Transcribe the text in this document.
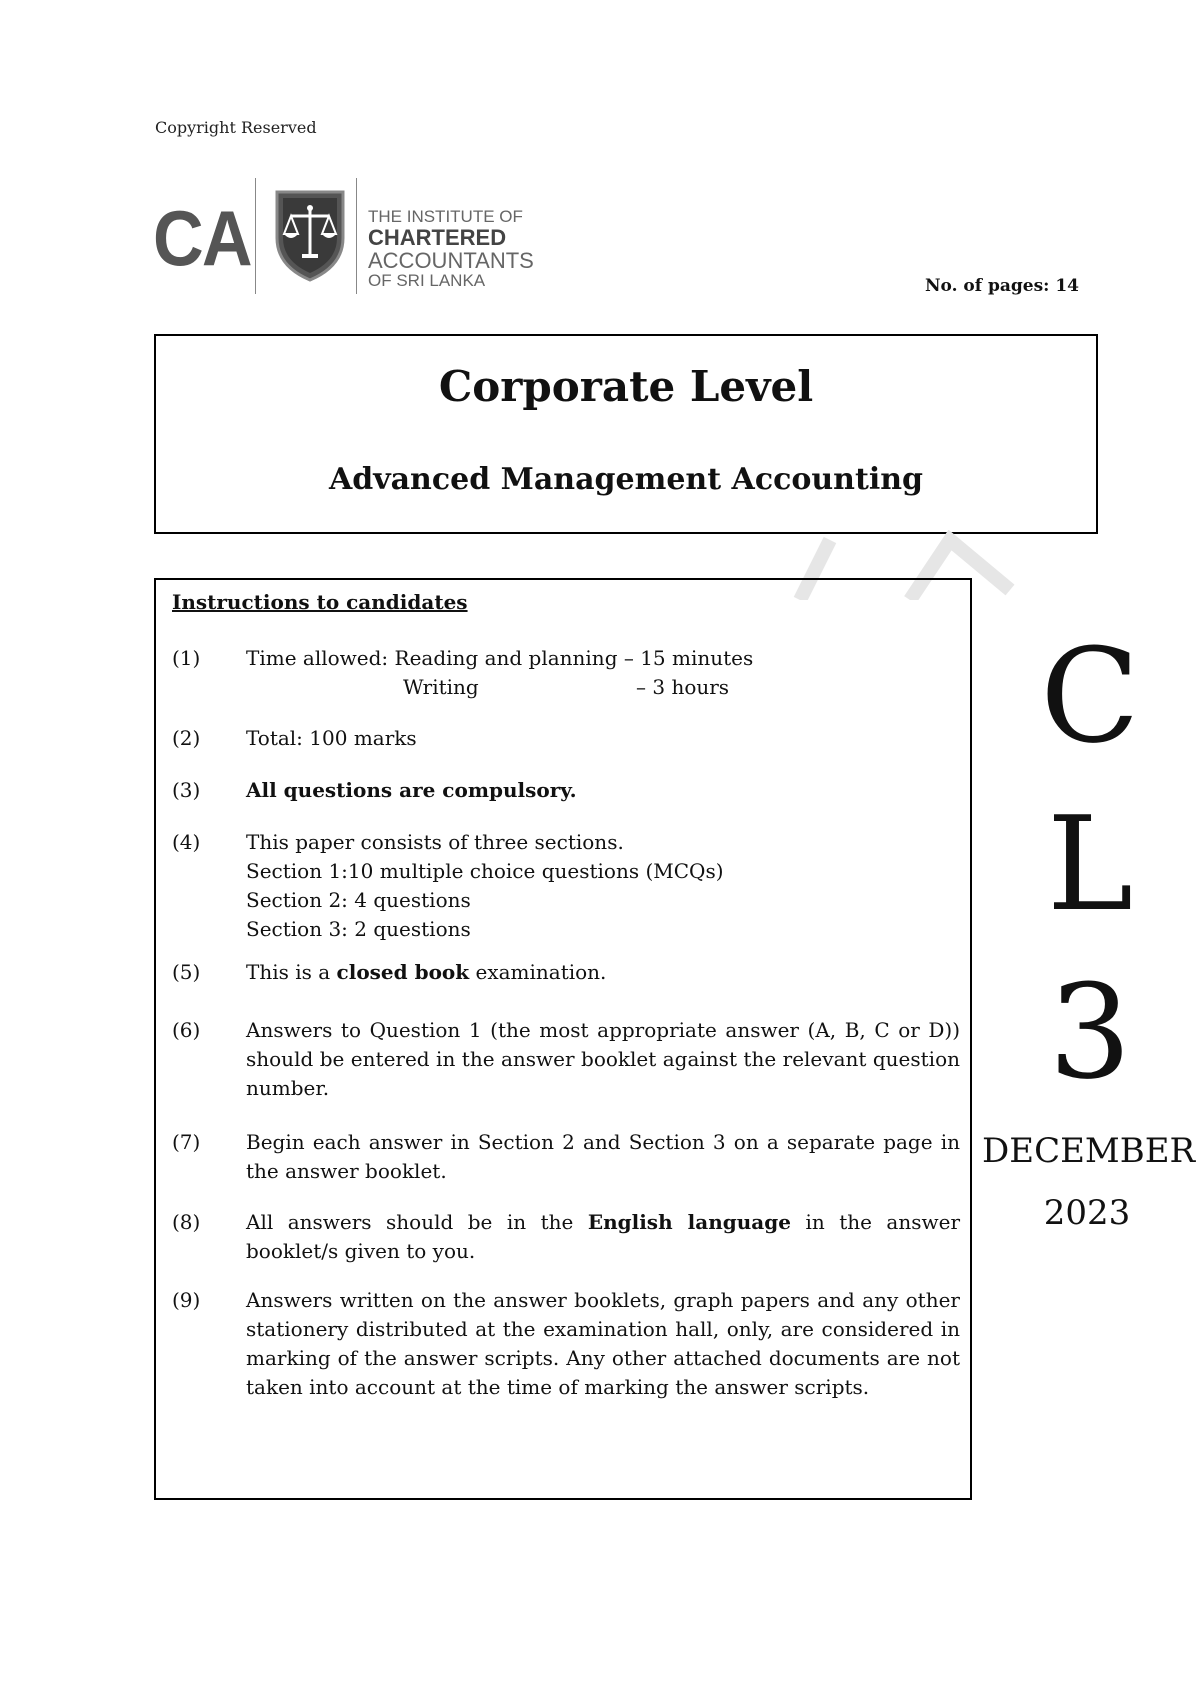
Copyright Reserved
CA	THE INSTITUTE OF
CHARTERED ACCOUNTANTS
OF SRI LANKA	No. of pages: 14
Corporate Level
Advanced Management Accounting
Instructions to candidates
(1) Time allowed: Reading and planning – 15 minutes
Writing	– 3 hours
(2) Total: 100 marks
(3) All questions are compulsory.
(4) This paper consists of three sections.
Section 1:10 multiple choice questions (MCQs)
Section 2: 4 questions
Section 3: 2 questions
(5) This is a closed book examination.
(6) Answers to Question 1 (the most appropriate answer (A, B, C or D)) should be entered in the answer booklet against the relevant question number.
(7) Begin each answer in Section 2 and Section 3 on a separate page in the answer booklet.
(8) All answers should be in the English language in the answer booklet/s given to you.
(9) Answers written on the answer booklets, graph papers and any other stationery distributed at the examination hall, only, are considered in marking of the answer scripts. Any other attached documents are not taken into account at the time of marking the answer scripts.
C
L
3
DECEMBER
2023
